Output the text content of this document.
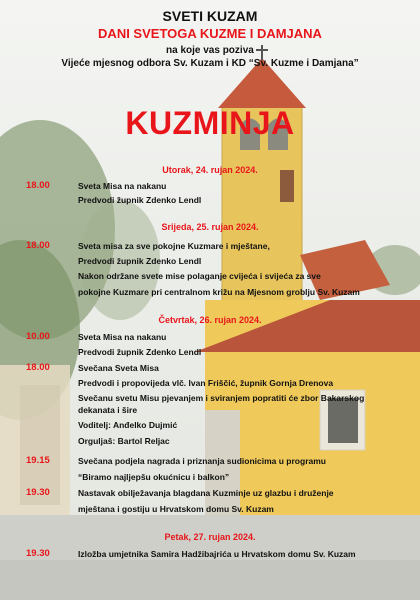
SVETI KUZAM
DANI SVETOGA KUZME I DAMJANA
na koje vas poziva
Vijeće mjesnog odbora Sv. Kuzam i KD “Sv. Kuzme i Damjana”
KUZMINJA
Utorak, 24. rujan 2024.
18.00	Sveta Misa na nakanu
Predvodi župnik Zdenko Lendl
Srijeda, 25. rujan 2024.
18.00	Sveta misa za sve pokojne Kuzmare i mještane,
Predvodi župnik Zdenko Lendl
Nakon održane svete mise polaganje cvijeća i svijeća za sve
pokojne Kuzmare pri centralnom križu na Mjesnom groblju Sv. Kuzam
Četvrtak, 26. rujan 2024.
10.00	Sveta Misa na nakanu
Predvodi župnik Zdenko Lendl
18.00	Svečana Sveta Misa
Predvodi i propovijeda vlč. Ivan Friščić, župnik Gornja Drenova
Svečanu svetu Misu pjevanjem i sviranjem popratiti će zbor Bakarskog
dekanata i šire
Voditelj: Anđelko Dujmić
Orguljaš: Bartol Reljac
19.15	Svečana podjela nagrada i priznanja sudionicima u programu
“Biramo najljepšu okućnicu i balkon”
19.30	Nastavak obilježavanja blagdana Kuzminje uz glazbu i druženje
mještana i gostiju u Hrvatskom domu Sv. Kuzam
Petak, 27. rujan 2024.
19.30	Izložba umjetnika Samira Hadžibajrića u Hrvatskom domu Sv. Kuzam
